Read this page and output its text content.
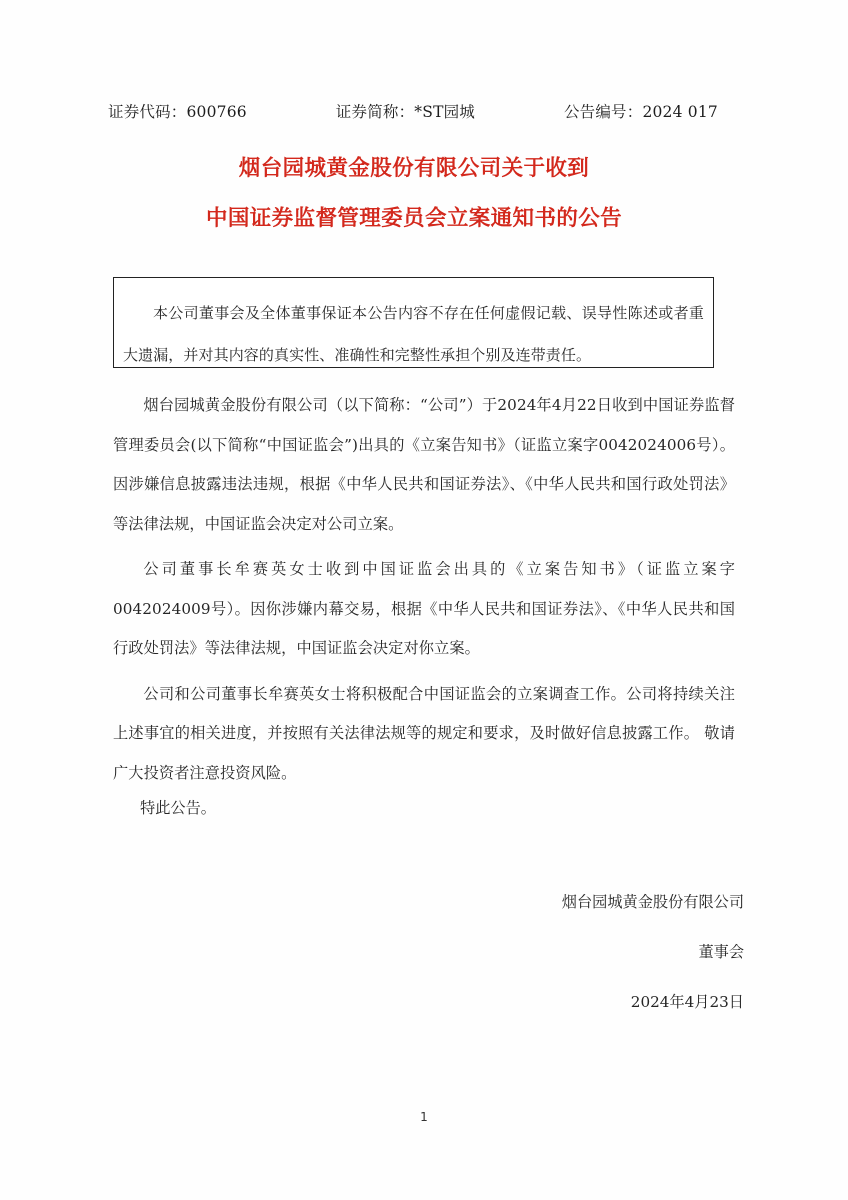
证券代码：600766	证券简称：*ST园城	公告编号：2024 017
烟台园城黄金股份有限公司关于收到
中国证券监督管理委员会立案通知书的公告
本公司董事会及全体董事保证本公告内容不存在任何虚假记载、误导性陈述或者重大遗漏，并对其内容的真实性、准确性和完整性承担个别及连带责任。

烟台园城黄金股份有限公司（以下简称：“公司”）于2024年4月22日收到中国证券监督管理委员会(以下简称“中国证监会”)出具的《立案告知书》（证监立案字0042024006号）。因涉嫌信息披露违法违规，根据《中华人民共和国证券法》、《中华人民共和国行政处罚法》等法律法规，中国证监会决定对公司立案。

公司董事长牟赛英女士收到中国证监会出具的《立案告知书》（证监立案字0042024009号）。因你涉嫌内幕交易，根据《中华人民共和国证券法》、《中华人民共和国行政处罚法》等法律法规，中国证监会决定对你立案。

公司和公司董事长牟赛英女士将积极配合中国证监会的立案调查工作。公司将持续关注上述事宜的相关进度，并按照有关法律法规等的规定和要求，及时做好信息披露工作。 敬请广大投资者注意投资风险。

特此公告。
烟台园城黄金股份有限公司
董事会
2024年4月23日
1
